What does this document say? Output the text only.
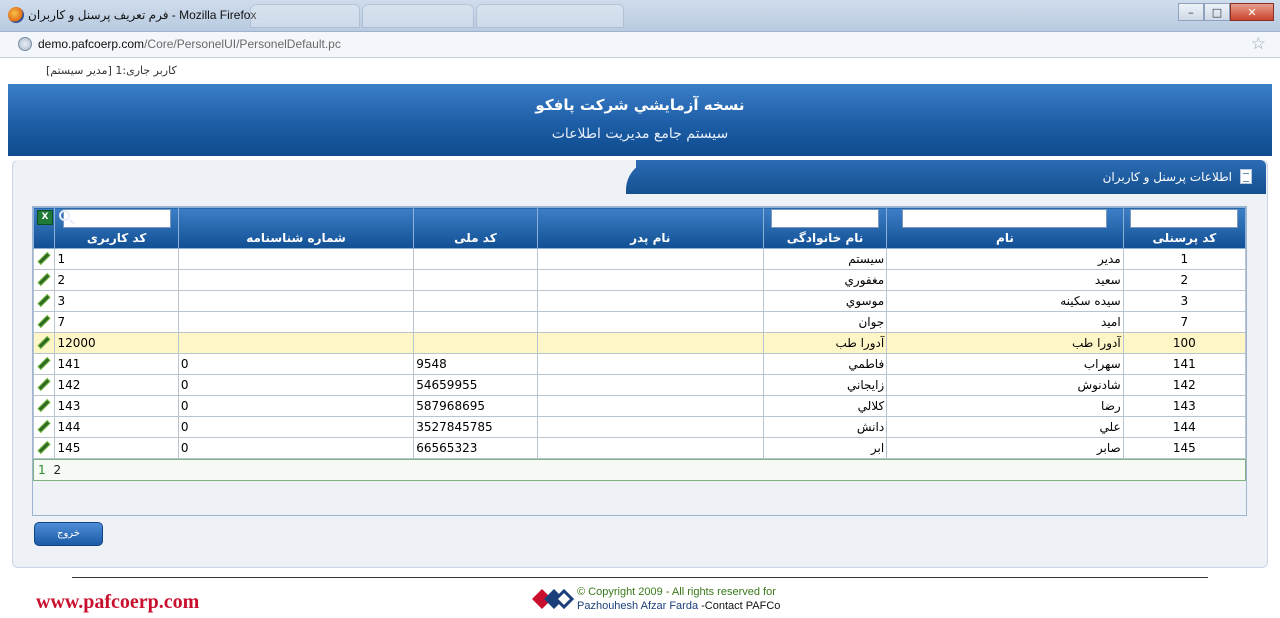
فرم تعريف پرسنل و کاربران - Mozilla Firefox	–	□	✕
demo.pafcoerp.com/Core/PersonelUI/PersonelDefault.pc	☆
کاربر جاری:1 [مدير سيستم]
نسخه آزمايشي شرکت پافکو
سيستم جامع مديريت اطلاعات
اطلاعات پرسنل و کاربران
کد پرسنلی	نام	نام خانوادگی	نام پدر	کد ملی	شماره شناسنامه	کد کاربری	X

1	مدير	سيستم				1	
2	سعيد	مغفوري				2	
3	سيده سکينه	موسوي				3	
7	اميد	جوان				7	
100	آدورا طب	آدورا طب				12000	
141	سهراب	فاطمي		9548	0	141	
142	شادنوش	زايجاني		54659955	0	142	
143	رضا	کلالي		587968695	0	143	
144	علي	دانش		3527845785	0	144	
145	صابر	ابر		66565323	0	145	
1 2
خروج
www.pafcoerp.com	© Copyright 2009 - All rights reserved for
Pazhouhesh Afzar Farda -Contact PAFCo
